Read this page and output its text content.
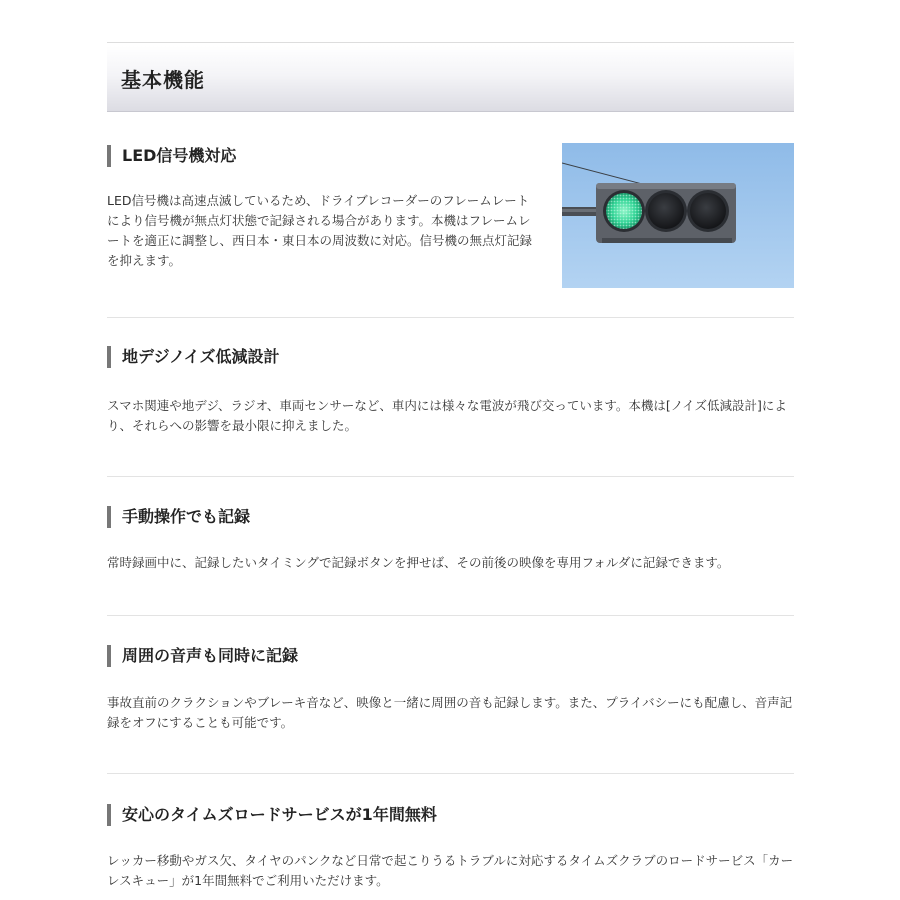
基本機能
LED信号機対応
LED信号機は高速点滅しているため、ドライブレコーダーのフレームレートにより信号機が無点灯状態で記録される場合があります。本機はフレームレートを適正に調整し、西日本・東日本の周波数に対応。信号機の無点灯記録を抑えます。
地デジノイズ低減設計
スマホ関連や地デジ、ラジオ、車両センサーなど、車内には様々な電波が飛び交っています。本機は[ノイズ低減設計]により、それらへの影響を最小限に抑えました。
手動操作でも記録
常時録画中に、記録したいタイミングで記録ボタンを押せば、その前後の映像を専用フォルダに記録できます。
周囲の音声も同時に記録
事故直前のクラクションやブレーキ音など、映像と一緒に周囲の音も記録します。また、プライバシーにも配慮し、音声記録をオフにすることも可能です。
安心のタイムズロードサービスが1年間無料
レッカー移動やガス欠、タイヤのパンクなど日常で起こりうるトラブルに対応するタイムズクラブのロードサービス「カーレスキュー」が1年間無料でご利用いただけます。
